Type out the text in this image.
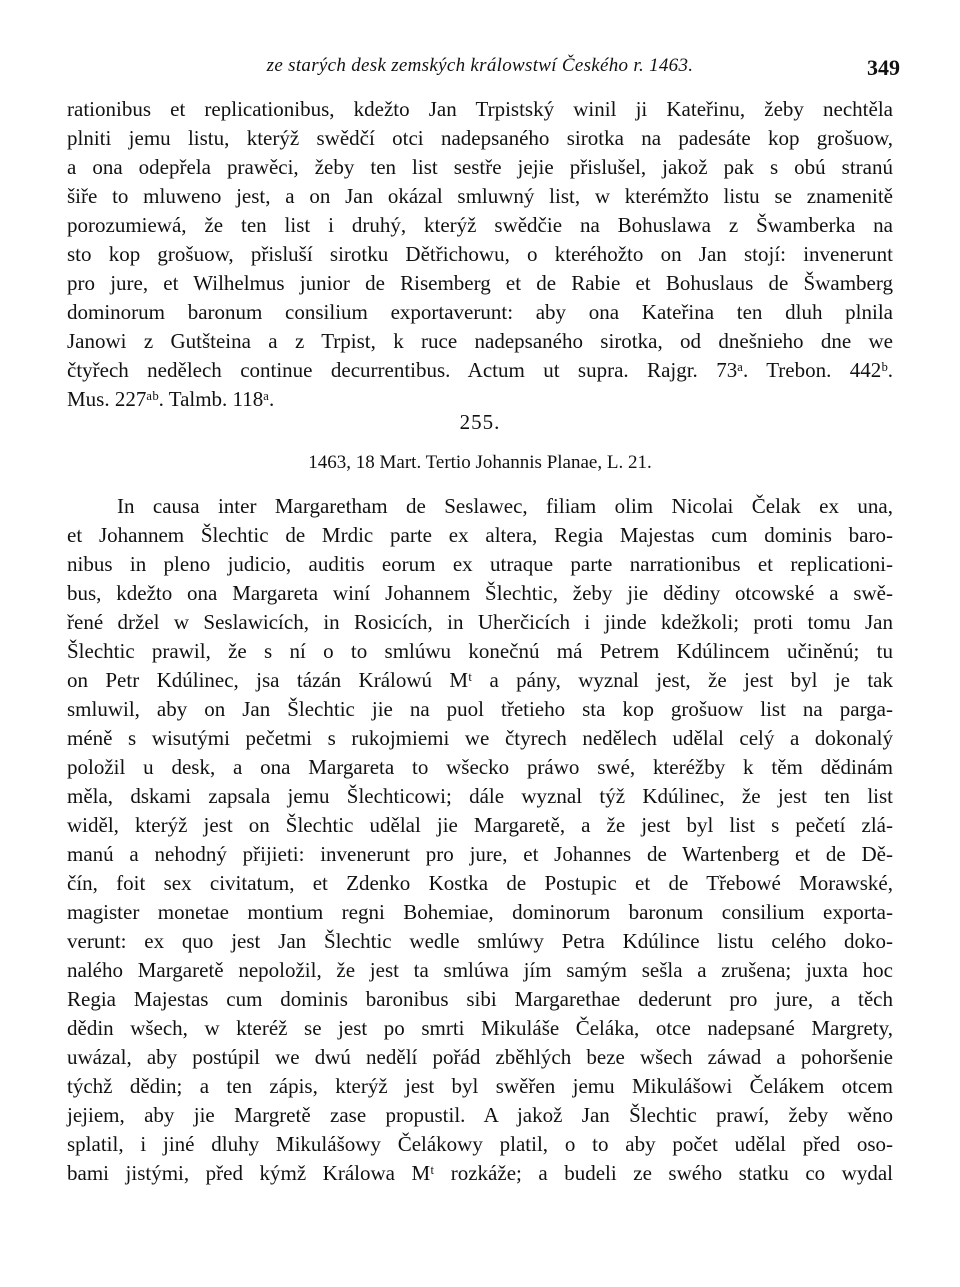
ze starých desk zemských králowstwí Českého r. 1463.	349
rationibus et replicationibus, kdežto Jan Trpistský winil ji Kateřinu, žeby nechtěla
plniti jemu listu, kterýž swědčí otci nadepsaného sirotka na padesáte kop grošuow,
a ona odepřela prawěci, žeby ten list sestře jejie přislušel, jakož pak s obú stranú
šiře to mluweno jest, a on Jan okázal smluwný list, w kterémžto listu se znamenitě
porozumiewá, že ten list i druhý, kterýž swědčie na Bohuslawa z Šwamberka na
sto kop grošuow, přisluší sirotku Dětřichowu, o kteréhožto on Jan stojí: invenerunt
pro jure, et Wilhelmus junior de Risemberg et de Rabie et Bohuslaus de Šwamberg
dominorum baronum consilium exportaverunt: aby ona Kateřina ten dluh plnila
Janowi z Gutšteina a z Trpist, k ruce nadepsaného sirotka, od dnešnieho dne we
čtyřech nedělech continue decurrentibus. Actum ut supra. Rajgr. 73ᵃ. Trebon. 442ᵇ.
Mus. 227ᵃᵇ. Talmb. 118ᵃ.
255.
1463, 18 Mart. Tertio Johannis Planae, L. 21.
In causa inter Margaretham de Seslawec, filiam olim Nicolai Čelak ex una,
et Johannem Šlechtic de Mrdic parte ex altera, Regia Majestas cum dominis baro-
nibus in pleno judicio, auditis eorum ex utraque parte narrationibus et replicationi-
bus, kdežto ona Margareta winí Johannem Šlechtic, žeby jie dědiny otcowské a swě-
řené držel w Seslawicích, in Rosicích, in Uherčicích i jinde kdežkoli; proti tomu Jan
Šlechtic prawil, že s ní o to smlúwu konečnú má Petrem Kdúlincem učiněnú; tu
on Petr Kdúlinec, jsa tázán Králowú Mᵗ a pány, wyznal jest, že jest byl je tak
smluwil, aby on Jan Šlechtic jie na puol třetieho sta kop grošuow list na parga-
méně s wisutými pečetmi s rukojmiemi we čtyrech nedělech udělal celý a dokonalý
položil u desk, a ona Margareta to wšecko práwo swé, kteréžby k těm dědinám
měla, dskami zapsala jemu Šlechticowi; dále wyznal týž Kdúlinec, že jest ten list
widěl, kterýž jest on Šlechtic udělal jie Margaretě, a že jest byl list s pečetí zlá-
manú a nehodný přijieti: invenerunt pro jure, et Johannes de Wartenberg et de Dě-
čín, foit sex civitatum, et Zdenko Kostka de Postupic et de Třebowé Morawské,
magister monetae montium regni Bohemiae, dominorum baronum consilium exporta-
verunt: ex quo jest Jan Šlechtic wedle smlúwy Petra Kdúlince listu celého doko-
nalého Margaretě nepoložil, že jest ta smlúwa jím samým sešla a zrušena; juxta hoc
Regia Majestas cum dominis baronibus sibi Margarethae dederunt pro jure, a těch
dědin wšech, w kteréž se jest po smrti Mikuláše Čeláka, otce nadepsané Margrety,
uwázal, aby postúpil we dwú nedělí pořád zběhlých beze wšech záwad a pohoršenie
týchž dědin; a ten zápis, kterýž jest byl swěřen jemu Mikulášowi Čelákem otcem
jejiem, aby jie Margretě zase propustil. A jakož Jan Šlechtic prawí, žeby wěno
splatil, i jiné dluhy Mikulášowy Čelákowy platil, o to aby počet udělal před oso-
bami jistými, před kýmž Králowa Mᵗ rozkáže; a budeli ze swého statku co wydal
